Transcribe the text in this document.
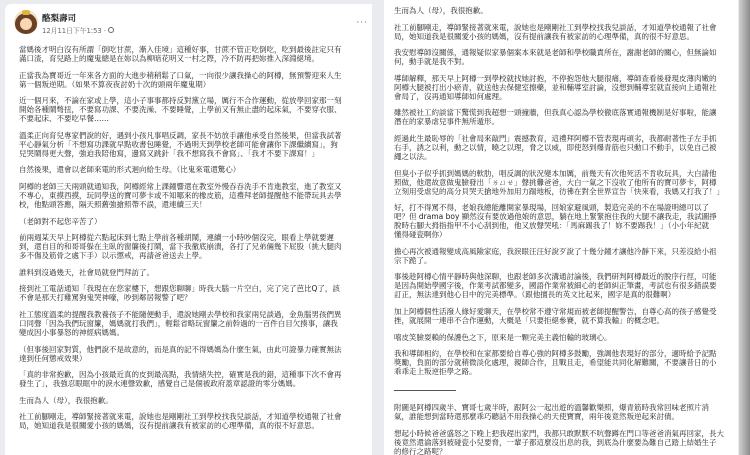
酪梨壽司
12月11日下午1:53 ·
···
當媽後才明白沒有所謂「倒吃甘蔗，漸入佳境」這種好事，甘蔗不管正吃倒吃，吃到最後註定只有
滿口渣，育兒路上的魔鬼總是在妳以為柳暗花明又一村之際，冷不防再把妳推入深淵絕境。
正當我為寶哥近一年來各方面的大進步稍稍鬆了口氣，一向很少讓我操心的阿樽，無預警迎來人生
第一個叛逆期。（如果不算夜夜討奶十次的頭兩年魔鬼期）
近一個月來，不論在家或上學，這小子事事都持反對黨立場，厲行不合作運動，從放學回家那一刻
開始各種鬧彆扭，不要寫功課、不要洗澡、不要睡覺，上學前又有無止盡的起床氣，不要穿衣服、
不要起床、不要吃早餐……
溫柔正向育兒專家們說的好，遇到小孩凡事唱反調，家長不妨放手讓他承受自然後果，但當我試著
平心靜氣分析「不想寫功課就早點收書包睡覺，不過明天到學校老師可能會讓你下課繼續寫」，狗
兒哭鬧得更大聲，強迫我陪他寫，邊寫又跳針「我不想寫我不會寫」、「我才不要下課寫！」
自然後果，還會以老師來電的形式迴向給生母。（比鬼來電還驚心）
阿樽的老師三天兩頭就通知我，阿樽經常上課鐘響還在教室外慢吞吞洗手不肯進教室，進了教室又
不專心，東摸西摸，玩同學送的寶可夢卡或不知哪來的橡皮筋，這禮拜老師提醒他不能帶玩具去學
校，他點頭答應，隔天照舊強搶照帶不誤，還連續三天！
（老師對不起您辛苦了）
前兩週某天早上阿樽從六點起床到七點上學前各種胡鬧，連續一小時吵個沒完，眼看上學就要遲
到，還自目的和哥哥躲在主臥的窗簾後打鬧，當下我徹底崩潰，各打了兄弟倆幾下屁股（挑大腿肉
多不傷及筋骨之處下手）以示懲戒，再請爸爸送去上學。
誰料到沒過幾天，社會局就登門拜訪了。
接到社工電話通知「我現在在您家樓下，想跟您聊聊」時我大腦一片空白，完了完了芭比Q了，該
不會是那天打雞罵狗鬼哭神嚎，吵到鄰居報警了吧？
社工態度溫柔的提醒我教養孩子不能隨便動手，還說她剛去學校和我家兩兒談過，金魚腦男孩們異
口同聲「因為我們玩窗簾，媽媽就打我們」，輕鬆省略玩窗簾之前幹過的一百件白目欠揍事，讓我
變成因小事暴怒的神經病媽媽。
（但事後回家對質，他們說不是故意的，而是真的記不得媽媽為什麼生氣，由此可證暴力確實無法
達到任何懲戒效果）
「真的非常抱歉，因為小孩最近真的皮到最高點，我情緒失控，確實是我的錯，這種事下次不會再
發生了」，我強忍眼眶中的淚水連聲致歉，感覺自己是個被政府蓋章認證的零分媽媽。
生而為人（母），我很抱歉。
社工前腳剛走，導師緊接著就來電，說她也是剛剛社工到學校找我兒談話，才知道學校通報了社會
局，她知道我是很關愛小孩的媽媽，沒有提前讓我有被家訪的心理準備，真的很不好意思。
生而為人（母），我很抱歉。
社工前腳剛走，導師緊接著就來電，說她也是剛剛社工到學校找我兒談話，才知道學校通報了社會
局，她知道我是很關愛小孩的媽媽，沒有提前讓我有被家訪的心理準備，真的很不好意思。
我安慰導師沒關係，通報疑似家暴個案本來就是老師和學校職責所在，謝謝老師的關心，但無論如
何，動手就是我不對。
導師解釋，那天早上阿樽一到學校就找她討抱，不停抱怨他大腿很痛，導師查看後發現皮薄肉嫩的
阿樽大腿被打出小瘀青，就送他去保健室擦藥，並和輔導室討論，沒想到輔導室就直接向上通報社
會局了，沒再通知導師如何處理。
雖然被社工約談當下驚慌到我超想一頭撞牆，但我真心認為學校徹底落實通報機制是好事啦，能讓
潛在的家暴虐兒事件無所遁形。
經過此生最恥辱的「社會局來敲門」震撼教育，這禮拜阿樽不管表現再頑劣，我都耐著性子左手抓
右手，誘之以利，動之以情，曉之以理，脅之以威，即使怒到爆青筋也只動口不動手，以免自己被
繩之以法。
但臭小子似乎抓到媽媽的軟肋，唱反調的狀況變本加厲，前幾天有次他死活不肯收玩具，大白請他
照做，他還故意做鬼臉發出「ㄌㄩㄝ」聲挑釁爸爸，大白一氣之下沒收了他所有的寶可夢卡，阿樽
立刻用受虐兒的高分貝哭天搶地外加用力踹地板，彷彿在對全世界宣告「快來看，我媽又打我了！」
好，打不得罵不得，老娘我總能離開家暴現場，回娘家避風頭，製造完美的不在場證明總可以了
吧？但 drama boy 顯然沒有要放過他娘的意思，躺在地上緊緊抱住我的大腿不讓我走，我試圖掙
脫時右腳大拇指指甲不小心刮到他，他又放聲哭吼：「馬麻踢我了！妳不要踢我！」（小小年紀就
懂得碰瓷啊你）
擔心再次被通報變成高風險家庭，我淚眼汪汪好說歹說了十幾分鐘才讓他冷靜下來，只差沒給小祖
宗下跪了。
事後趁阿樽心情平靜時與他深聊，也跟老師多次溝通討論後，我們研判阿樽最近的脫序行徑，可能
是因為開始學國字後，作業考試都變多，國語作業常被細心的老師糾正筆畫，考試也有很多錯誤要
訂正，無法達到他心目中的完美標準。（跟他擅長的英文比起來，國字是真的很難啊）
加上阿樽個性活潑人緣好愛聊天，在學校常不遵守常規而被老師提醒警告，自尊心高的孩子感覺受
挫，就展開一連串不合作運動，大概是「只要拒絕參賽，就不算我輸」的概念吧。
嘻皮笑臉耍賴的保護色之下，原來是一顆完美主義怕輸的玻璃心。
我和導師相約，在學校和在家都要給自尊心強的阿樽多鼓勵，強調他表現好的部分，適時給予記點
獎勵，負面的部分就稍微淡化處理，親師合作，且戰且走，希望能共同化解難關，不要讓昔日的小
乖乖走上叛逆拒學之路。
附圖是阿樽四歲半、寶哥七歲半時，跟阿公一起出遊的溫馨歡樂照，爆青筋時我常回味老照片消
氣，誰能想到當時還那麼乖巧聽話不用我操心的天使寶寶，兩年後竟然叛逆起來討債。
想起小時候爸爸盛怒之下晚上把我趕出家門，我都只敢默默不吭聲蹲在門口等爸爸消氣再回家，長大
後竟然還淪落到被碰瓷小兒要脅，一輩子都這麼沒出息的我，到底為什麼要為難自己踏上結婚生子
的修行之路呢？
